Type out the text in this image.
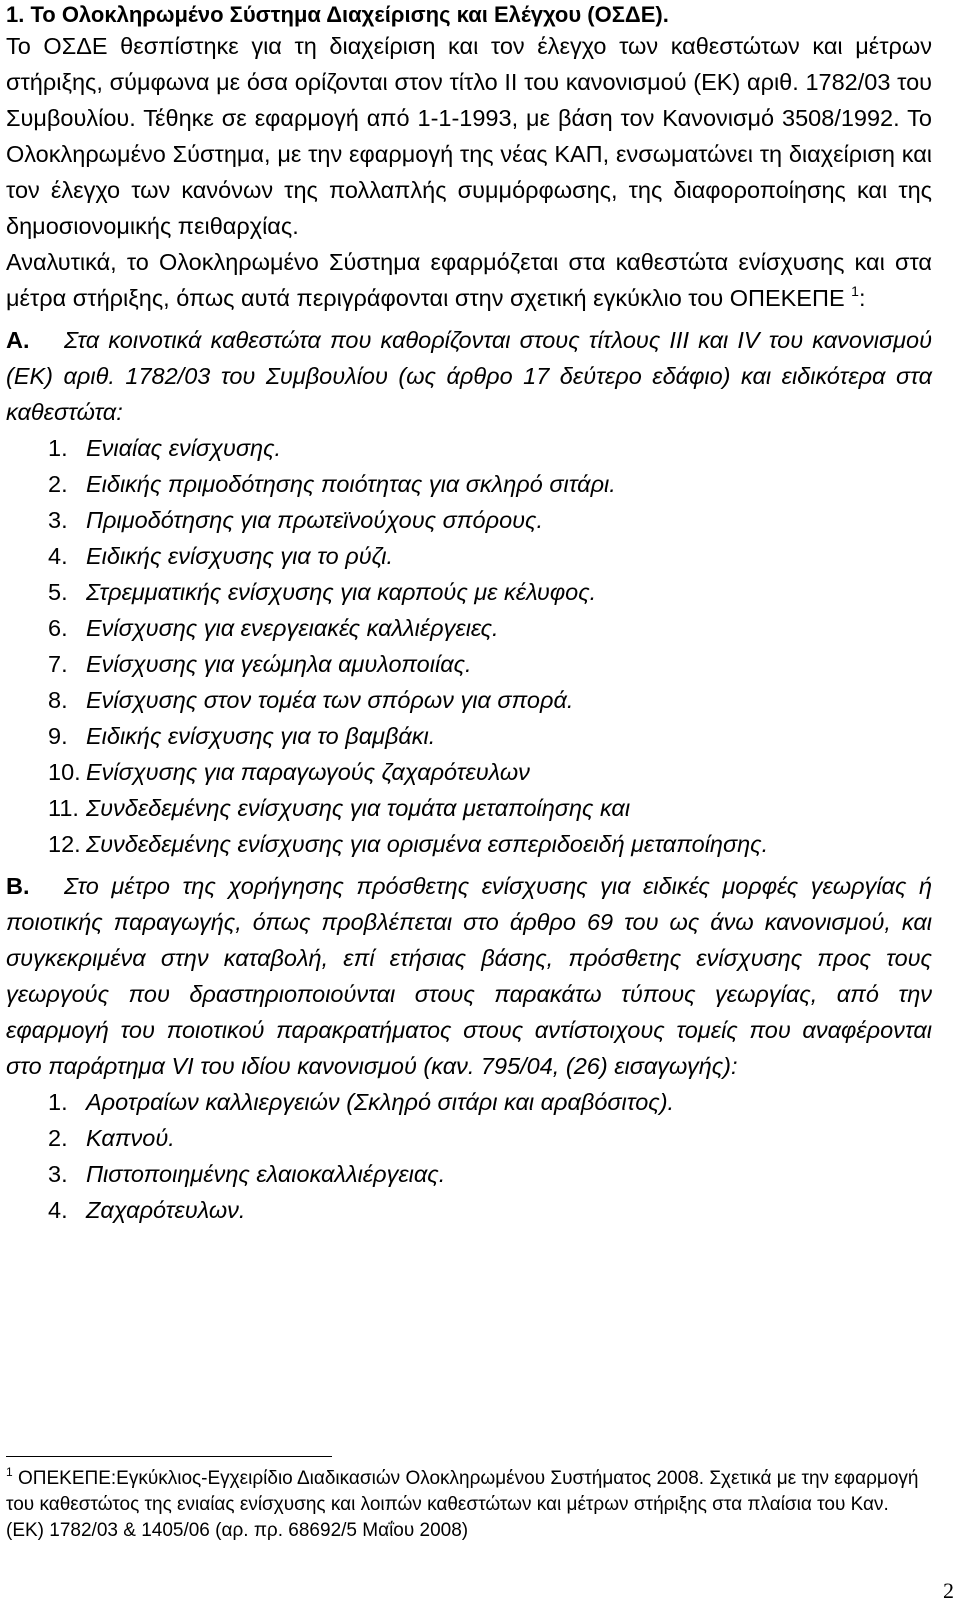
1. Το Ολοκληρωμένο Σύστημα Διαχείρισης και Ελέγχου (ΟΣΔΕ).

Το ΟΣΔΕ θεσπίστηκε για τη διαχείριση και τον έλεγχο των καθεστώτων και μέτρων στήριξης, σύμφωνα με όσα ορίζονται στον τίτλο ΙΙ του κανονισμού (ΕΚ) αριθ. 1782/03 του Συμβουλίου. Τέθηκε σε εφαρμογή από 1-1-1993, με βάση τον Κανονισμό 3508/1992. Το Ολοκληρωμένο Σύστημα, με την εφαρμογή της νέας ΚΑΠ, ενσωματώνει τη διαχείριση και τον έλεγχο των κανόνων της πολλαπλής συμμόρφωσης, της διαφοροποίησης και της δημοσιονομικής πειθαρχίας.

Αναλυτικά, το Ολοκληρωμένο Σύστημα εφαρμόζεται στα καθεστώτα ενίσχυσης και στα μέτρα στήριξης, όπως αυτά περιγράφονται στην σχετική εγκύκλιο του ΟΠΕΚΕΠΕ $^1$:

Α. Στα κοινοτικά καθεστώτα που καθορίζονται στους τίτλους ΙΙΙ και IV του κανονισμού (ΕΚ) αριθ. 1782/03 του Συμβουλίου (ως άρθρο 17 δεύτερο εδάφιο) και ειδικότερα στα καθεστώτα:

1. Ενιαίας ενίσχυσης.
2. Ειδικής πριμοδότησης ποιότητας για σκληρό σιτάρι.
3. Πριμοδότησης για πρωτεϊνούχους σπόρους.
4. Ειδικής ενίσχυσης για το ρύζι.
5. Στρεμματικής ενίσχυσης για καρπούς με κέλυφος.
6. Ενίσχυσης για ενεργειακές καλλιέργειες.
7. Ενίσχυσης για γεώμηλα αμυλοποιίας.
8. Ενίσχυσης στον τομέα των σπόρων για σπορά.
9. Ειδικής ενίσχυσης για το βαμβάκι.
10. Ενίσχυσης για παραγωγούς ζαχαρότευλων
11. Συνδεδεμένης ενίσχυσης για τομάτα μεταποίησης και
12. Συνδεδεμένης ενίσχυσης για ορισμένα εσπεριδοειδή μεταποίησης.

Β. Στο μέτρο της χορήγησης πρόσθετης ενίσχυσης για ειδικές μορφές γεωργίας ή ποιοτικής παραγωγής, όπως προβλέπεται στο άρθρο 69 του ως άνω κανονισμού, και συγκεκριμένα στην καταβολή, επί ετήσιας βάσης, πρόσθετης ενίσχυσης προς τους γεωργούς που δραστηριοποιούνται στους παρακάτω τύπους γεωργίας, από την εφαρμογή του ποιοτικού παρακρατήματος στους αντίστοιχους τομείς που αναφέρονται στο παράρτημα VI του ιδίου κανονισμού (καν. 795/04, (26) εισαγωγής):

1. Αροτραίων καλλιεργειών (Σκληρό σιτάρι και αραβόσιτος).
2. Καπνού.
3. Πιστοποιημένης ελαιοκαλλιέργειας.
4. Ζαχαρότευλων.

$^1$ ΟΠΕΚΕΠΕ:Εγκύκλιος-Εγχειρίδιο Διαδικασιών Ολοκληρωμένου Συστήματος 2008. Σχετικά με την εφαρμογή του καθεστώτος της ενιαίας ενίσχυσης και λοιπών καθεστώτων και μέτρων στήριξης στα πλαίσια του Καν. (ΕΚ) 1782/03 & 1405/06 (αρ. πρ. 68692/5 Μαΐου 2008)

2
